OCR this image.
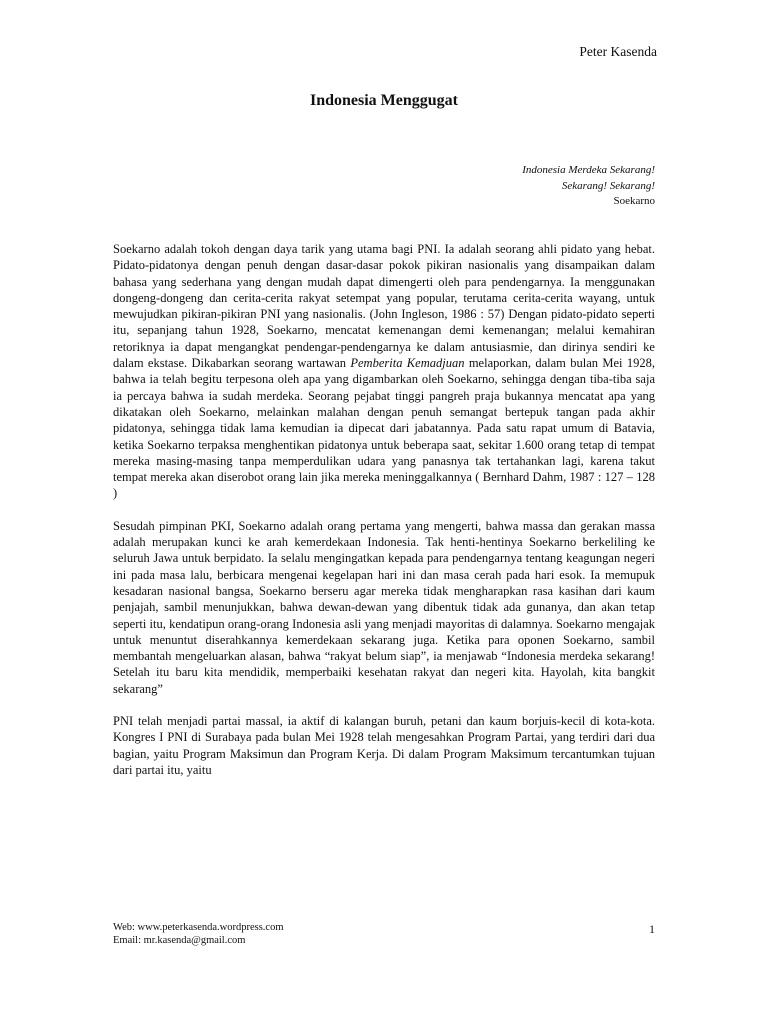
Peter Kasenda
Indonesia Menggugat
Indonesia Merdeka Sekarang!
Sekarang! Sekarang!
Soekarno

Soekarno adalah tokoh dengan daya tarik yang utama bagi PNI. Ia adalah seorang ahli pidato yang hebat. Pidato-pidatonya dengan penuh dengan dasar-dasar pokok pikiran nasionalis yang disampaikan dalam bahasa yang sederhana yang dengan mudah dapat dimengerti oleh para pendengarnya. Ia menggunakan dongeng-dongeng dan cerita-cerita rakyat setempat yang popular, terutama cerita-cerita wayang, untuk mewujudkan pikiran-pikiran PNI yang nasionalis. (John Ingleson, 1986 : 57) Dengan pidato-pidato seperti itu, sepanjang tahun 1928, Soekarno, mencatat kemenangan demi kemenangan; melalui kemahiran retoriknya ia dapat mengangkat pendengar-pendengarnya ke dalam antusiasmie, dan dirinya sendiri ke dalam ekstase. Dikabarkan seorang wartawan Pemberita Kemadjuan melaporkan, dalam bulan Mei 1928, bahwa ia telah begitu terpesona oleh apa yang digambarkan oleh Soekarno, sehingga dengan tiba-tiba saja ia percaya bahwa ia sudah merdeka. Seorang pejabat tinggi pangreh praja bukannya mencatat apa yang dikatakan oleh Soekarno, melainkan malahan dengan penuh semangat bertepuk tangan pada akhir pidatonya, sehingga tidak lama kemudian ia dipecat dari jabatannya. Pada satu rapat umum di Batavia, ketika Soekarno terpaksa menghentikan pidatonya untuk beberapa saat, sekitar 1.600 orang tetap di tempat mereka masing-masing tanpa memperdulikan udara yang panasnya tak tertahankan lagi, karena takut tempat mereka akan diserobot orang lain jika mereka meninggalkannya ( Bernhard Dahm, 1987 : 127 – 128 )

Sesudah pimpinan PKI, Soekarno adalah orang pertama yang mengerti, bahwa massa dan gerakan massa adalah merupakan kunci ke arah kemerdekaan Indonesia. Tak henti-hentinya Soekarno berkeliling ke seluruh Jawa untuk berpidato. Ia selalu mengingatkan kepada para pendengarnya tentang keagungan negeri ini pada masa lalu, berbicara mengenai kegelapan hari ini dan masa cerah pada hari esok. Ia memupuk kesadaran nasional bangsa, Soekarno berseru agar mereka tidak mengharapkan rasa kasihan dari kaum penjajah, sambil menunjukkan, bahwa dewan-dewan yang dibentuk tidak ada gunanya, dan akan tetap seperti itu, kendatipun orang-orang Indonesia asli yang menjadi mayoritas di dalamnya. Soekarno mengajak untuk menuntut diserahkannya kemerdekaan sekarang juga. Ketika para oponen Soekarno, sambil membantah mengeluarkan alasan, bahwa “rakyat belum siap”, ia menjawab “Indonesia merdeka sekarang! Setelah itu baru kita mendidik, memperbaiki kesehatan rakyat dan negeri kita. Hayolah, kita bangkit sekarang”

PNI telah menjadi partai massal, ia aktif di kalangan buruh, petani dan kaum borjuis-kecil di kota-kota. Kongres I PNI di Surabaya pada bulan Mei 1928 telah mengesahkan Program Partai, yang terdiri dari dua bagian, yaitu Program Maksimun dan Program Kerja. Di dalam Program Maksimum tercantumkan tujuan dari partai itu, yaitu

Web: www.peterkasenda.wordpress.com
Email: mr.kasenda@gmail.com
1
